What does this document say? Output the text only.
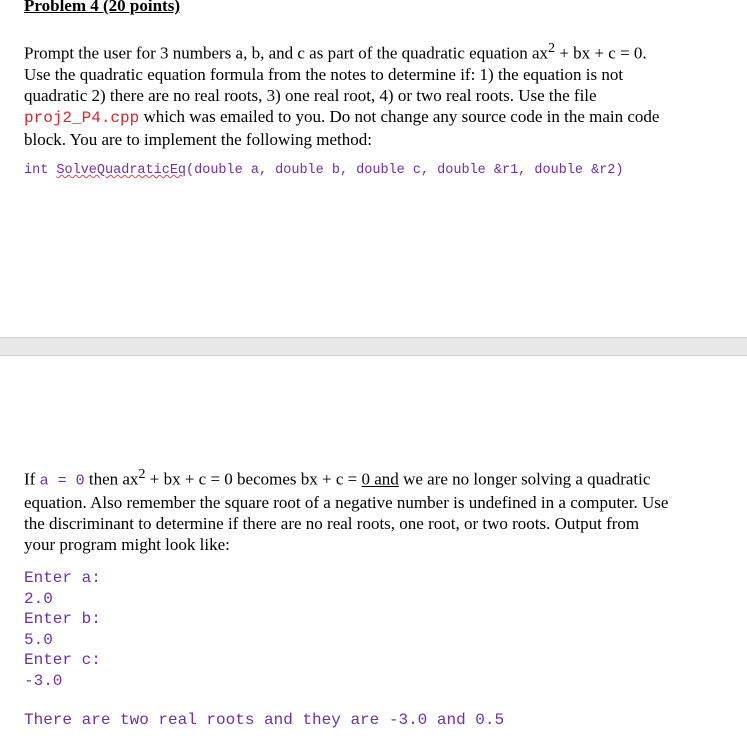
Problem 4 (20 points)

Prompt the user for 3 numbers a, b, and c as part of the quadratic equation $ax^2$ + bx + c = 0. Use the quadratic equation formula from the notes to determine if: 1) the equation is not quadratic 2) there are no real roots, 3) one real root, 4) or two real roots. Use the file proj2_P4.cpp which was emailed to you. Do not change any source code in the main code block. You are to implement the following method:

int SolveQuadraticEq(double a, double b, double c, double &r1, double &r2)

If a = 0 then $ax^2$ + bx + c = 0 becomes bx + c = 0 and we are no longer solving a quadratic equation. Also remember the square root of a negative number is undefined in a computer. Use the discriminant to determine if there are no real roots, one root, or two roots. Output from your program might look like:

Enter a:
2.0
Enter b:
5.0
Enter c:
-3.0

There are two real roots and they are -3.0 and 0.5
